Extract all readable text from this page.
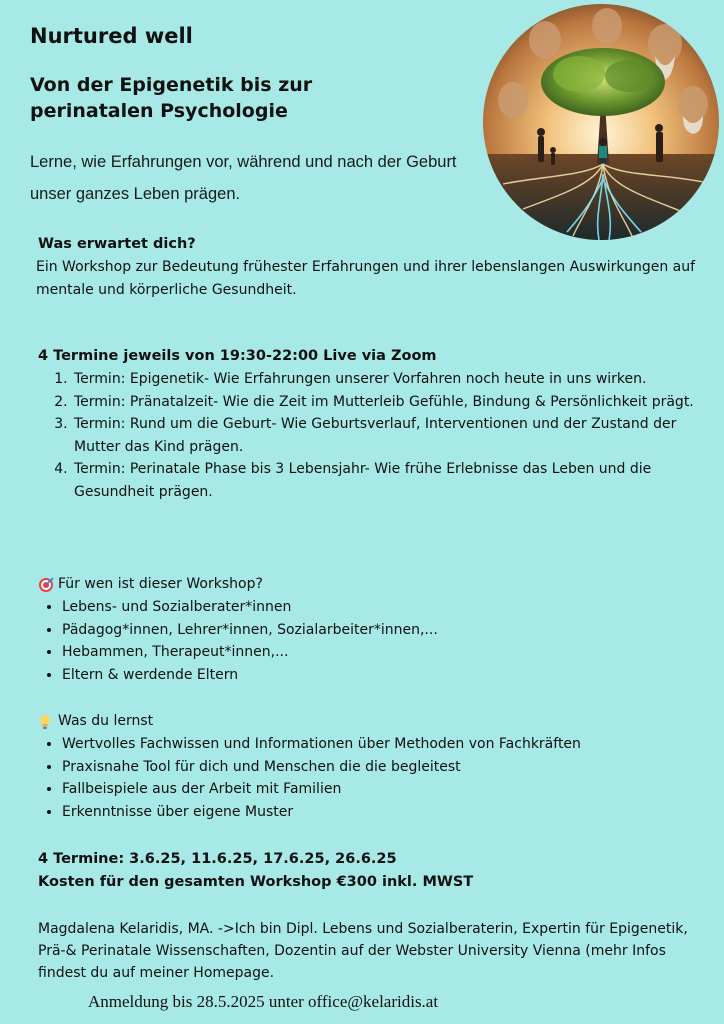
Nurtured well
Von der Epigenetik bis zur perinatalen Psychologie
Lerne, wie Erfahrungen vor, während und nach der Geburt unser ganzes Leben prägen.
Was erwartet dich?
Ein Workshop zur Bedeutung frühester Erfahrungen und ihrer lebenslangen Auswirkungen auf mentale und körperliche Gesundheit.
4 Termine jeweils von 19:30-22:00 Live via Zoom
1. Termin: Epigenetik- Wie Erfahrungen unserer Vorfahren noch heute in uns wirken.
2. Termin: Pränatalzeit- Wie die Zeit im Mutterleib Gefühle, Bindung & Persönlichkeit prägt.
3. Termin: Rund um die Geburt- Wie Geburtsverlauf, Interventionen und der Zustand der Mutter das Kind prägen.
4. Termin: Perinatale Phase bis 3 Lebensjahr- Wie frühe Erlebnisse das Leben und die Gesundheit prägen.
Für wen ist dieser Workshop?
• Lebens- und Sozialberater*innen
• Pädagog*innen, Lehrer*innen, Sozialarbeiter*innen,...
• Hebammen, Therapeut*innen,...
• Eltern & werdende Eltern
Was du lernst
• Wertvolles Fachwissen und Informationen über Methoden von Fachkräften
• Praxisnahe Tool für dich und Menschen die die begleitest
• Fallbeispiele aus der Arbeit mit Familien
• Erkenntnisse über eigene Muster
4 Termine: 3.6.25, 11.6.25, 17.6.25, 26.6.25
Kosten für den gesamten Workshop €300 inkl. MWST
Magdalena Kelaridis, MA. ->Ich bin Dipl. Lebens und Sozialberaterin, Expertin für Epigenetik, Prä-& Perinatale Wissenschaften, Dozentin auf der Webster University Vienna (mehr Infos findest du auf meiner Homepage.
Anmeldung bis 28.5.2025 unter office@kelaridis.at
